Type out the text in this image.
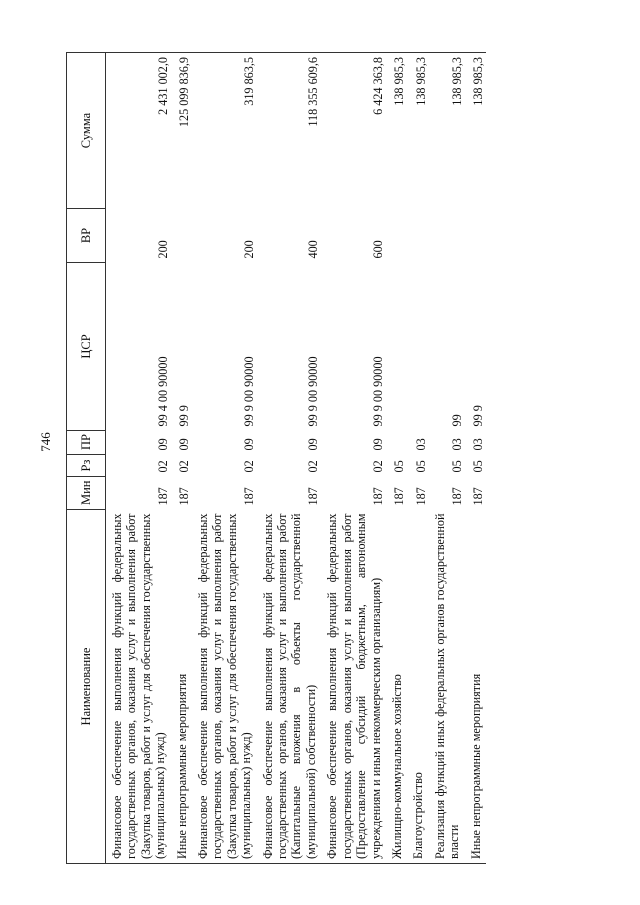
746
Наименование	Мин	Рз	ПР	ЦСР	ВР	Сумма
Финансовое обеспечение выполнения функций федеральных государственных органов, оказания услуг и выполнения работ (Закупка товаров, работ и услуг для обеспечения государственных (муниципальных) нужд)	187	02	09	99 4 00 90000	200	2 431 002,0
Иные непрограммные мероприятия	187	02	09	99 9		125 099 836,9
Финансовое обеспечение выполнения функций федеральных государственных органов, оказания услуг и выполнения работ (Закупка товаров, работ и услуг для обеспечения государственных (муниципальных) нужд)	187	02	09	99 9 00 90000	200	319 863,5
Финансовое обеспечение выполнения функций федеральных государственных органов, оказания услуг и выполнения работ (Капитальные вложения в объекты государственной (муниципальной) собственности)	187	02	09	99 9 00 90000	400	118 355 609,6
Финансовое обеспечение выполнения функций федеральных государственных органов, оказания услуг и выполнения работ (Предоставление субсидий бюджетным, автономным учреждениям и иным некоммерческим организациям)	187	02	09	99 9 00 90000	600	6 424 363,8
Жилищно-коммунальное хозяйство	187	05				138 985,3
Благоустройство	187	05	03			138 985,3
Реализация функций иных федеральных органов государственной власти	187	05	03	99		138 985,3
Иные непрограммные мероприятия	187	05	03	99 9		138 985,3
